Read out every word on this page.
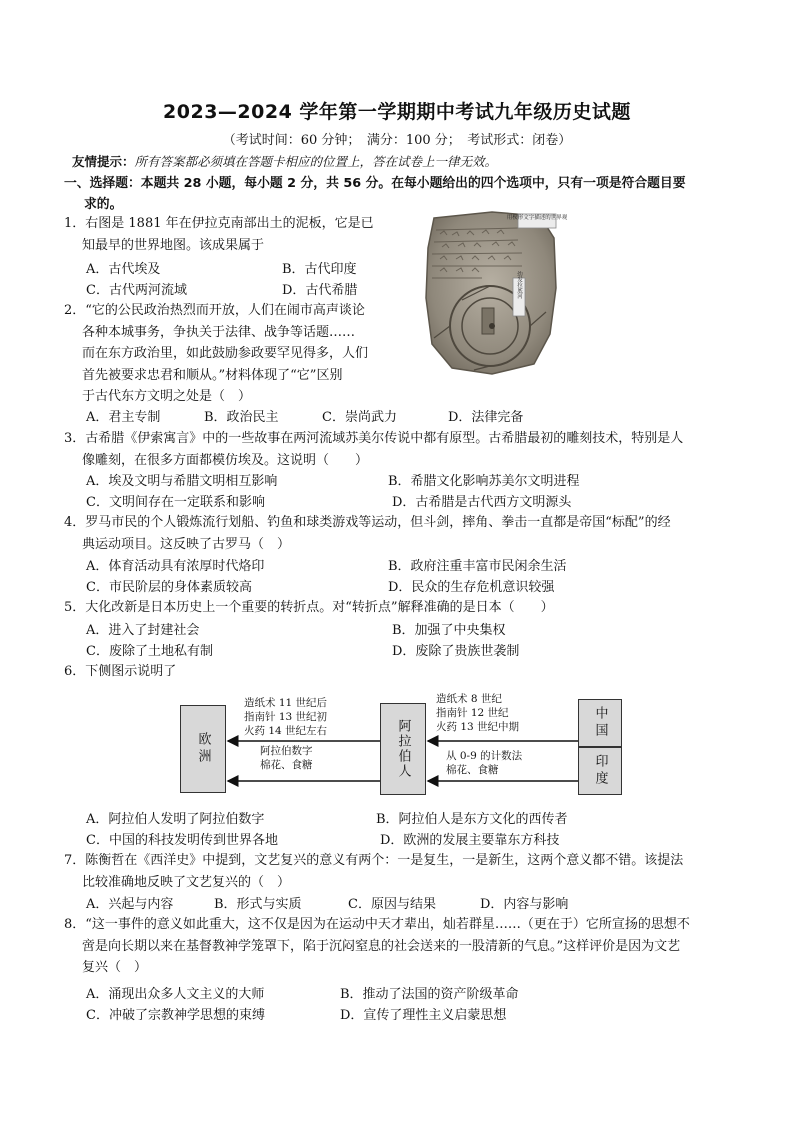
2023—2024 学年第一学期期中考试九年级历史试题
（考试时间：60 分钟；　满分：100 分；　考试形式：闭卷）
友情提示：所有答案都必须填在答题卡相应的位置上，答在试卷上一律无效。
一、选择题：本题共 28 小题，每小题 2 分，共 56 分。在每小题给出的四个选项中，只有一项是符合题目要
求的。
用楔形文字描述的世界观
幼发拉底河
1．右图是 1881 年在伊拉克南部出土的泥板，它是已
知最早的世界地图。该成果属于
A．古代埃及	B．古代印度
C．古代两河流域	D．古代希腊
2．“它的公民政治热烈而开放，人们在闹市高声谈论
各种本城事务，争执关于法律、战争等话题……
而在东方政治里，如此鼓励参政要罕见得多，人们
首先被要求忠君和顺从。”材料体现了“它”区别
于古代东方文明之处是（　）
A．君主专制	B．政治民主	C．崇尚武力	D．法律完备
3．古希腊《伊索寓言》中的一些故事在两河流域苏美尔传说中都有原型。古希腊最初的雕刻技术，特别是人
像雕刻，在很多方面都模仿埃及。这说明（　　）
A．埃及文明与希腊文明相互影响	B．希腊文化影响苏美尔文明进程
C．文明间存在一定联系和影响	D．古希腊是古代西方文明源头
4．罗马市民的个人锻炼流行划船、钓鱼和球类游戏等运动，但斗剑，摔角、拳击一直都是帝国“标配”的经
典运动项目。这反映了古罗马（　）
A．体育活动具有浓厚时代烙印	B．政府注重丰富市民闲余生活
C．市民阶层的身体素质较高	D．民众的生存危机意识较强
5．大化改新是日本历史上一个重要的转折点。对“转折点”解释准确的是日本（　　）
A．进入了封建社会	B．加强了中央集权
C．废除了土地私有制	D．废除了贵族世袭制
6．下侧图示说明了
欧洲	阿拉伯人	中国
印度
造纸术 11 世纪后
指南针 13 世纪初
火药 14 世纪左右
阿拉伯数字
棉花、食糖
造纸术 8 世纪
指南针 12 世纪
火药 13 世纪中期
从 0-9 的计数法
棉花、食糖
A．阿拉伯人发明了阿拉伯数字	B．阿拉伯人是东方文化的西传者
C．中国的科技发明传到世界各地	D．欧洲的发展主要靠东方科技
7．陈衡哲在《西洋史》中提到，文艺复兴的意义有两个：一是复生，一是新生，这两个意义都不错。该提法
比较准确地反映了文艺复兴的（　）
A．兴起与内容	B．形式与实质	C．原因与结果	D．内容与影响
8．“这一事件的意义如此重大，这不仅是因为在运动中天才辈出，灿若群星……（更在于）它所宣扬的思想不
啻是向长期以来在基督教神学笼罩下，陷于沉闷窒息的社会送来的一股清新的气息。”这样评价是因为文艺
复兴（　）
A．涌现出众多人文主义的大师	B．推动了法国的资产阶级革命
C．冲破了宗教神学思想的束缚	D．宣传了理性主义启蒙思想
